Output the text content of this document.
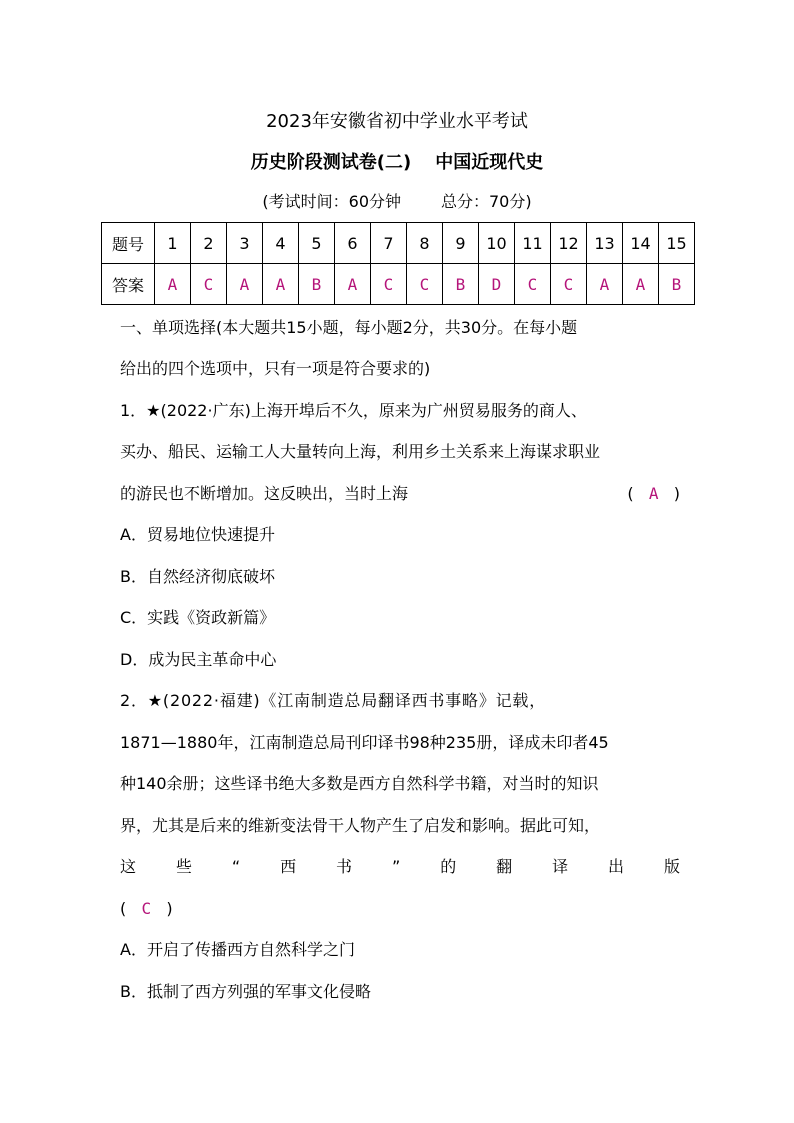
2023年安徽省初中学业水平考试
历史阶段测试卷(二) 中国近现代史
(考试时间：60分钟	总分：70分)
题号	1	2	3	4	5	6	7	8	9	10	11	12	13	14	15
答案	A	C	A	A	B	A	C	C	B	D	C	C	A	A	B
一、单项选择(本大题共15小题，每小题2分，共30分。在每小题
给出的四个选项中，只有一项是符合要求的)
1．★(2022·广东)上海开埠后不久，原来为广州贸易服务的商人、
买办、船民、运输工人大量转向上海，利用乡土关系来上海谋求职业
的游民也不断增加。这反映出，当时上海	( A )
A．贸易地位快速提升
B．自然经济彻底破坏
C．实践《资政新篇》
D．成为民主革命中心
2．★(2022·福建)《江南制造总局翻译西书事略》记载，
1871—1880年，江南制造总局刊印译书98种235册，译成未印者45
种140余册；这些译书绝大多数是西方自然科学书籍，对当时的知识
界，尤其是后来的维新变法骨干人物产生了启发和影响。据此可知，
这 些 “ 西 书 ” 的 翻 译 出 版
( C )
A．开启了传播西方自然科学之门
B．抵制了西方列强的军事文化侵略
